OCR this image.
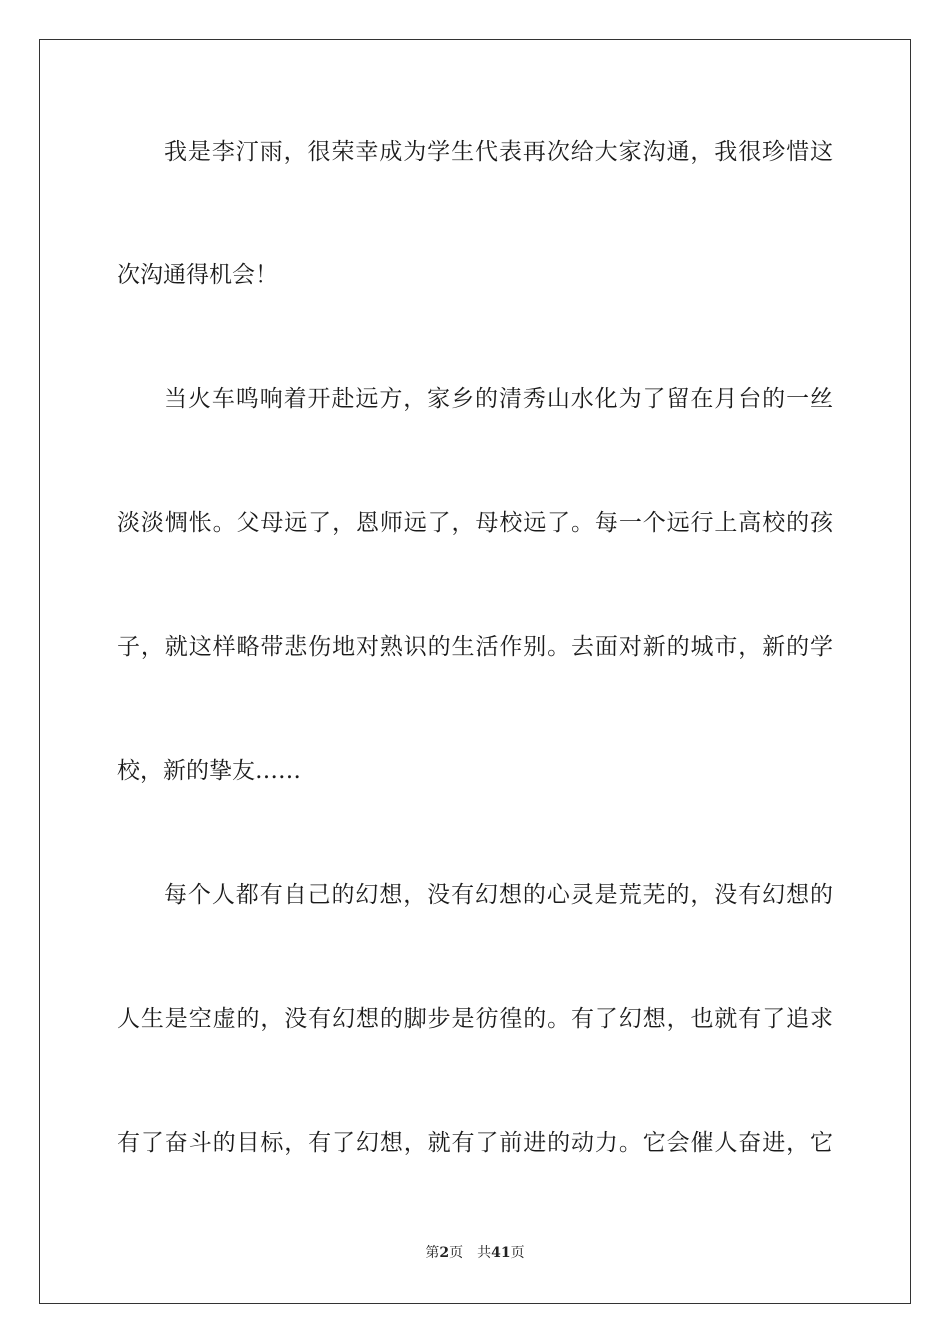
我是李汀雨，很荣幸成为学生代表再次给大家沟通，我很珍惜这
次沟通得机会！
当火车鸣响着开赴远方，家乡的清秀山水化为了留在月台的一丝
淡淡惆怅。父母远了，恩师远了，母校远了。每一个远行上高校的孩
子，就这样略带悲伤地对熟识的生活作别。去面对新的城市，新的学
校，新的挚友……
每个人都有自己的幻想，没有幻想的心灵是荒芜的，没有幻想的
人生是空虚的，没有幻想的脚步是彷徨的。有了幻想，也就有了追求
有了奋斗的目标，有了幻想，就有了前进的动力。它会催人奋进，它
第2页 共41页
